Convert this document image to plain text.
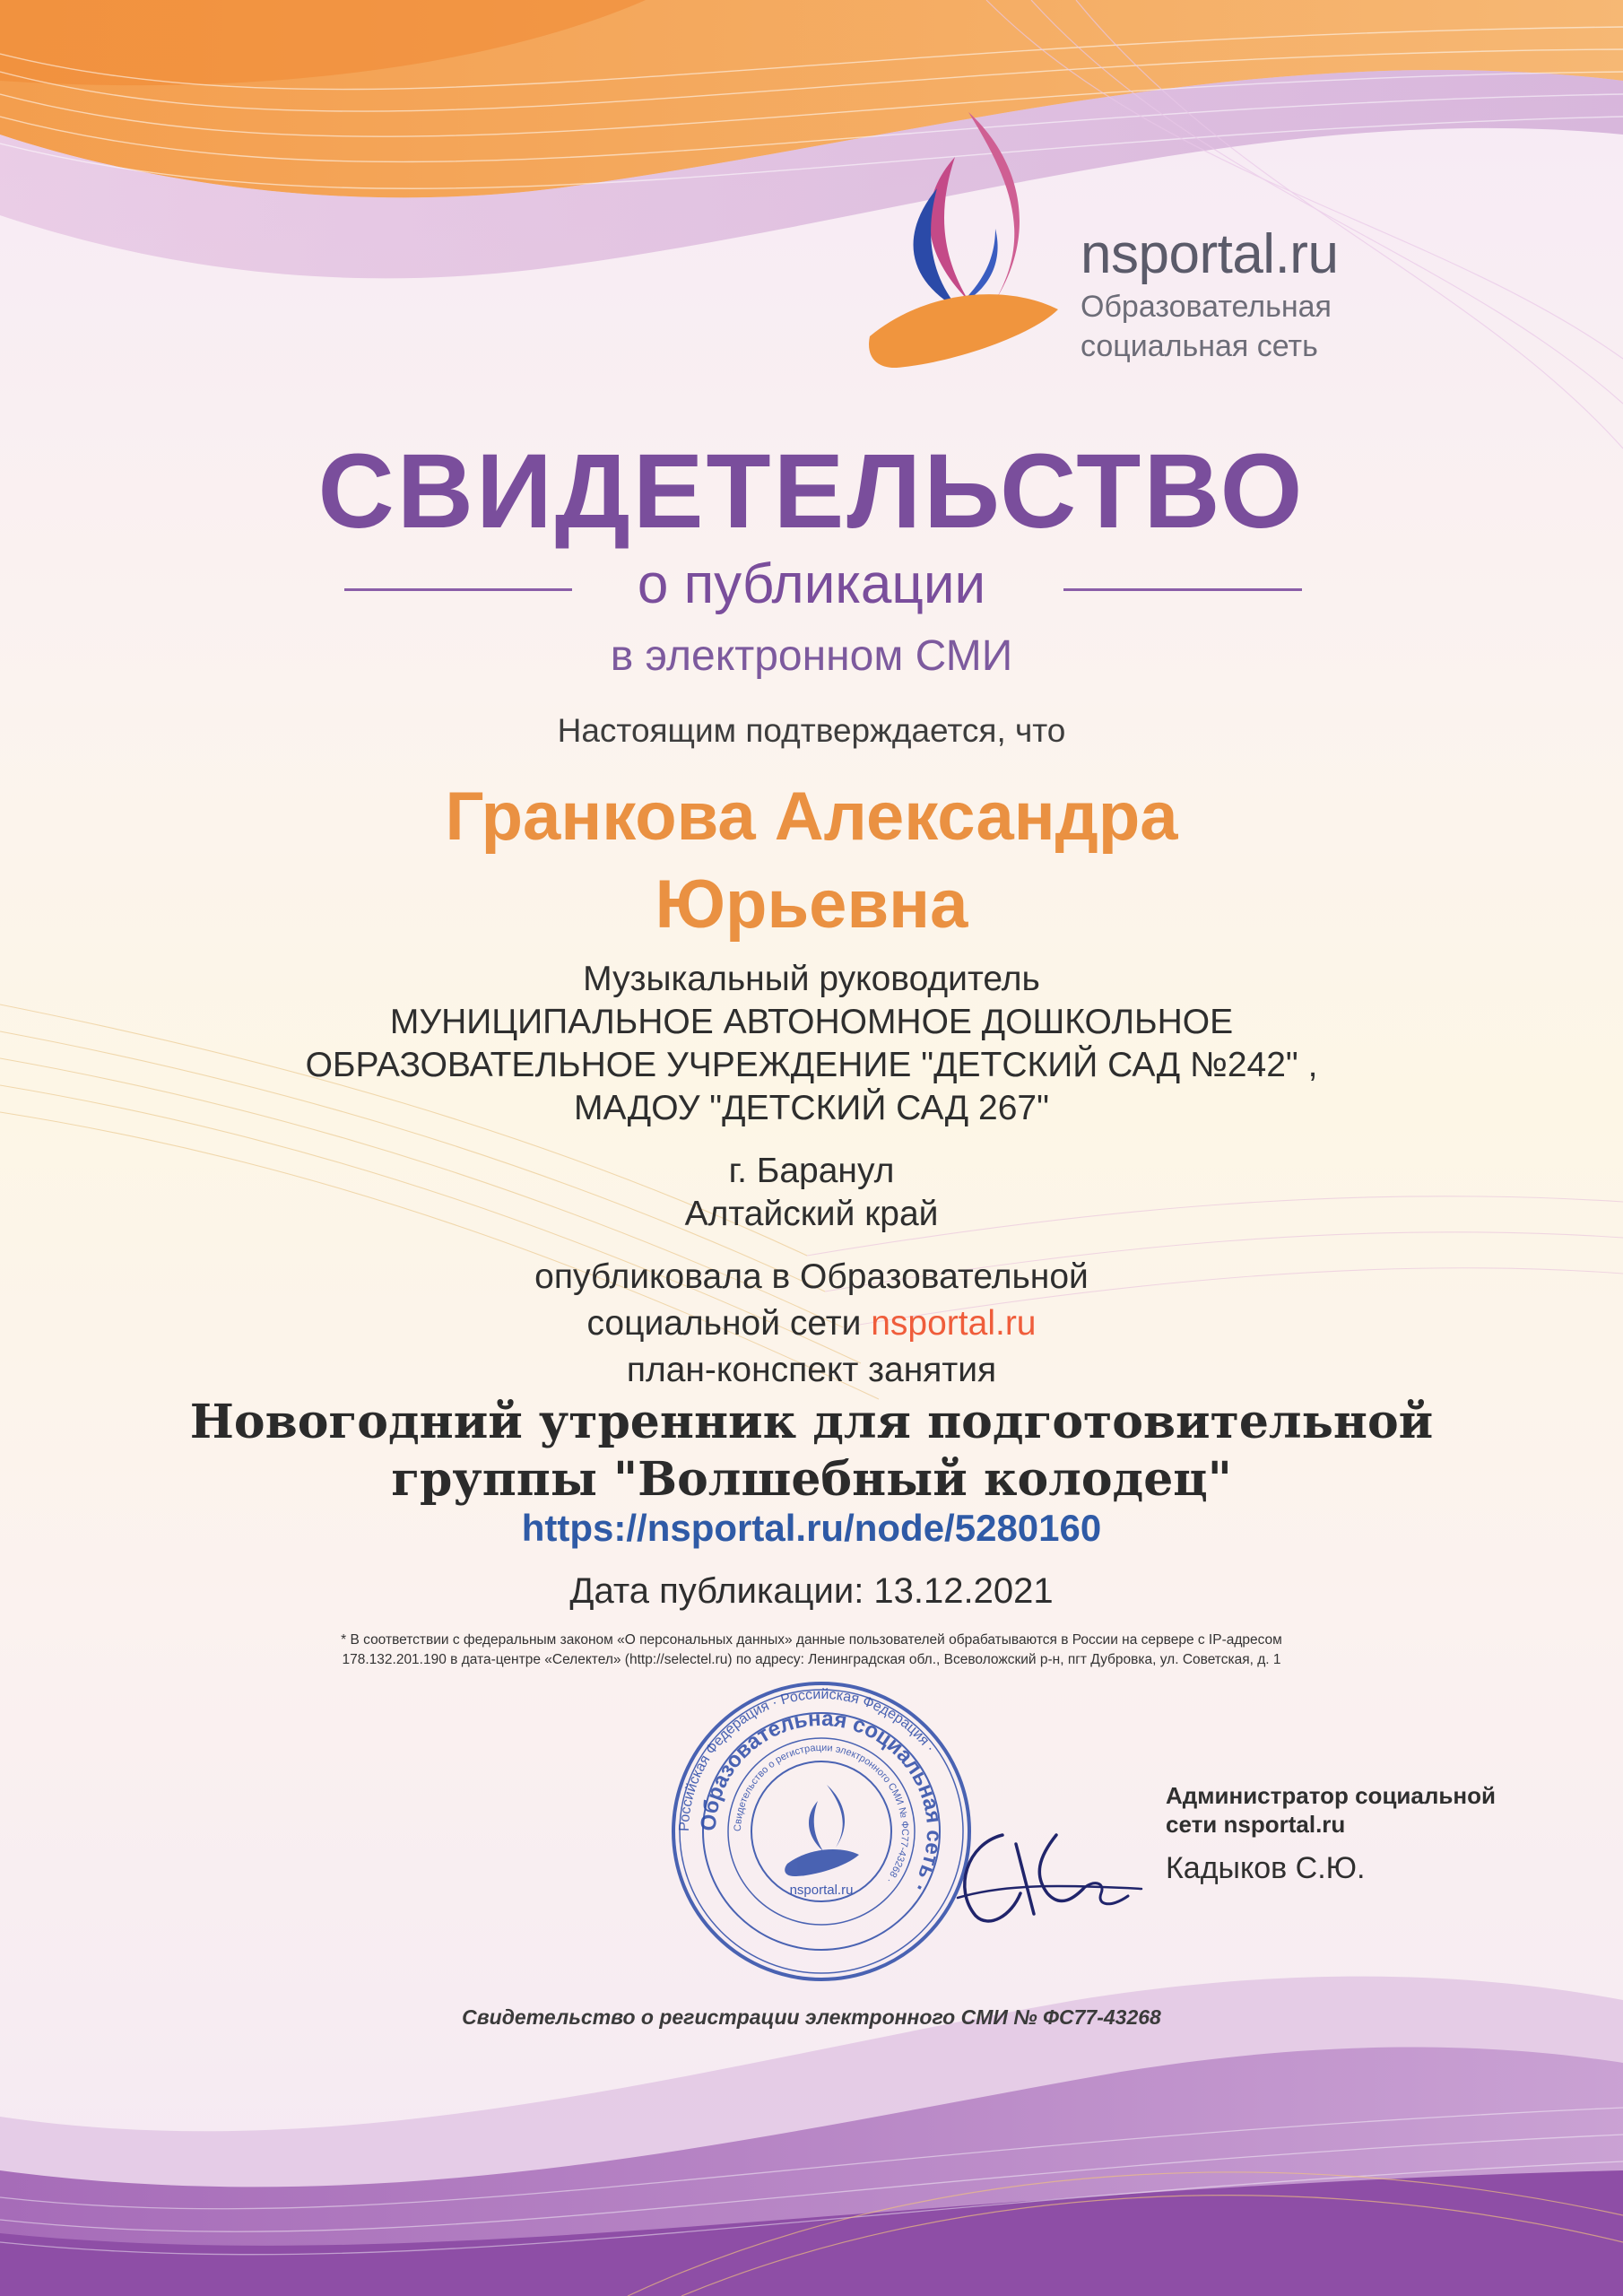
nsportal.ru
Образовательная
социальная сеть
СВИДЕТЕЛЬСТВО
о публикации
в электронном СМИ
Настоящим подтверждается, что
Гранкова Александра
Юрьевна
Музыкальный руководитель
МУНИЦИПАЛЬНОЕ АВТОНОМНОЕ ДОШКОЛЬНОЕ
ОБРАЗОВАТЕЛЬНОЕ УЧРЕЖДЕНИЕ "ДЕТСКИЙ САД №242" ,
МАДОУ "ДЕТСКИЙ САД 267"
г. Баранул
Алтайский край
опубликовала в Образовательной
социальной сети nsportal.ru
план-конспект занятия
Новогодний утренник для подготовительной
группы "Волшебный колодец"
https://nsportal.ru/node/5280160
Дата публикации: 13.12.2021
* В соответствии с федеральным законом «О персональных данных» данные пользователей обрабатываются в России на сервере с IP-адресом
178.132.201.190 в дата-центре «Селектел» (http://selectel.ru) по адресу: Ленинградская обл., Всеволожский р-н, пгт Дубровка, ул. Советская, д. 1
Российская Федерация · Российская Федерация ·
Образовательная социальная сеть ·
Свидетельство о регистрации электронного СМИ № ФС77-43268 ·
nsportal.ru
Администратор социальной
сети nsportal.ru
Кадыков С.Ю.
Свидетельство о регистрации электронного СМИ № ФС77-43268
